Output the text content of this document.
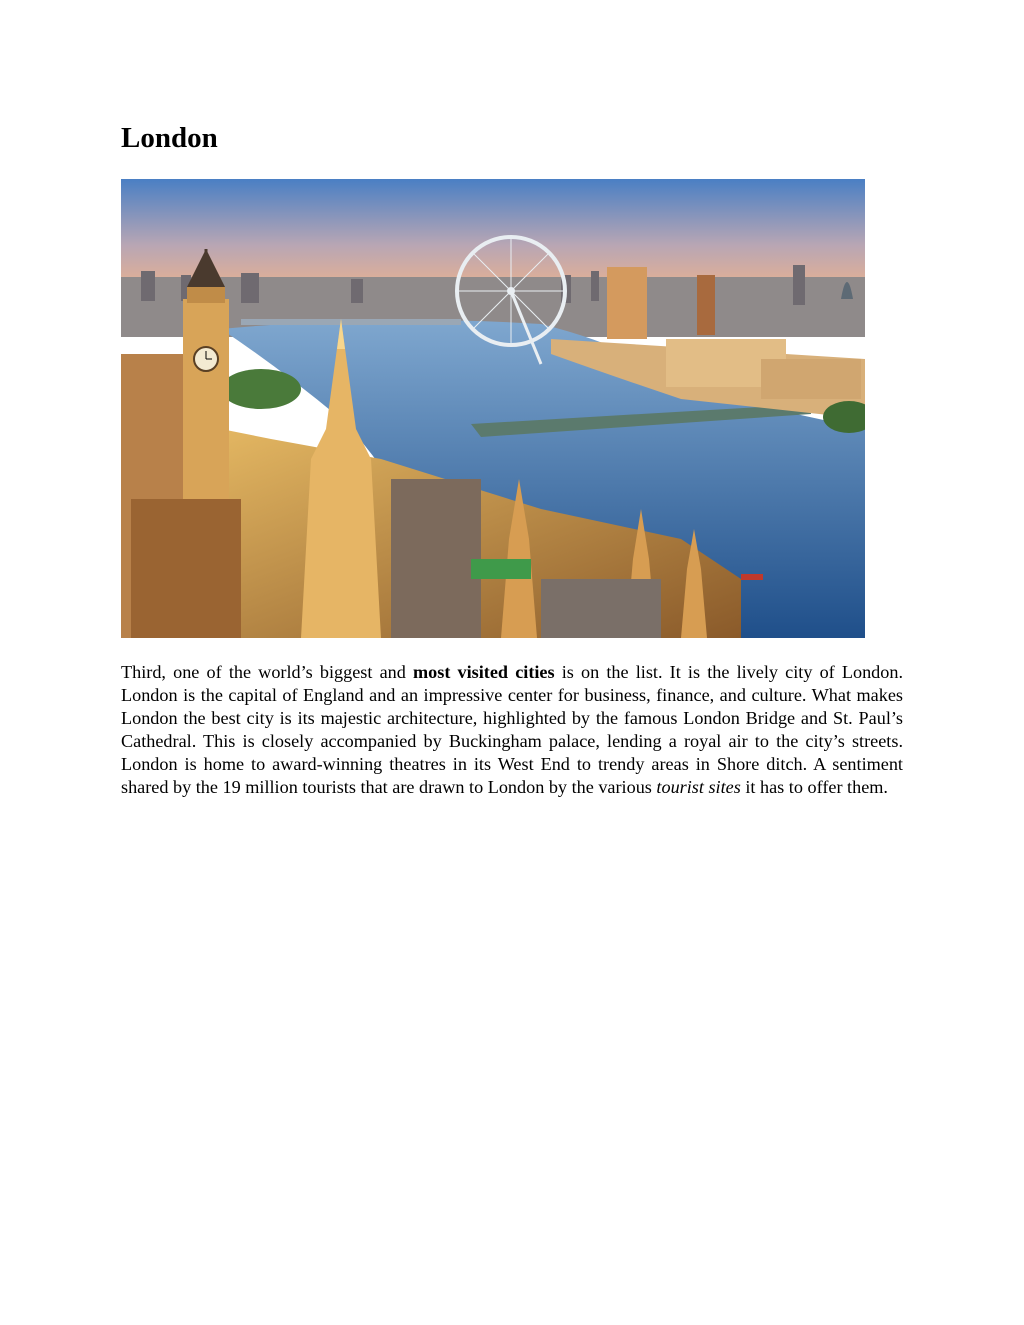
London

Third, one of the world’s biggest and most visited cities is on the list. It is the lively city of London. London is the capital of England and an impressive center for business, finance, and culture. What makes London the best city is its majestic architecture, highlighted by the famous London Bridge and St. Paul’s Cathedral. This is closely accompanied by Buckingham palace, lending a royal air to the city’s streets. London is home to award-winning theatres in its West End to trendy areas in Shore ditch. A sentiment shared by the 19 million tourists that are drawn to London by the various tourist sites it has to offer them.
